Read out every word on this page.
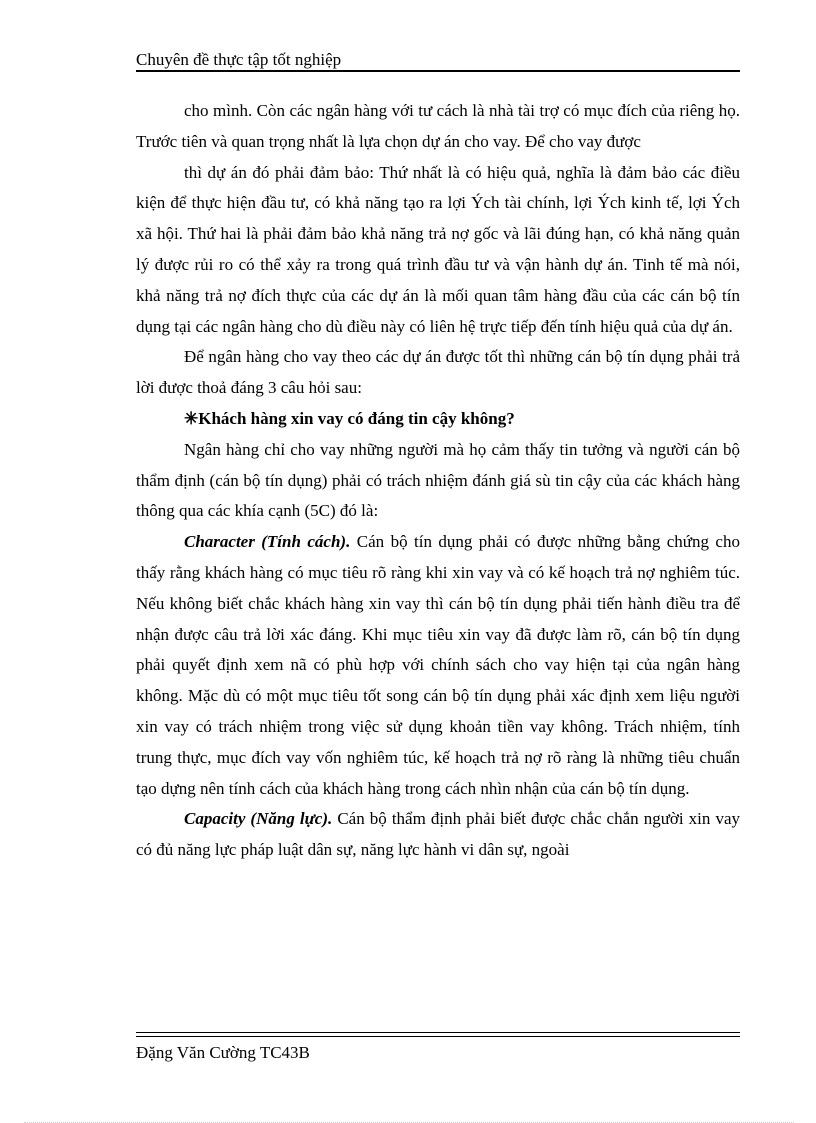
Chuyên đề thực tập tốt nghiệp

cho mình. Còn các ngân hàng với tư cách là nhà tài trợ có mục đích của riêng họ. Trước tiên và quan trọng nhất là lựa chọn dự án cho vay. Để cho vay được

thì dự án đó phải đảm bảo: Thứ nhất là có hiệu quả, nghĩa là đảm bảo các điều kiện để thực hiện đầu tư, có khả năng tạo ra lợi Ých tài chính, lợi Ých kinh tế, lợi Ých xã hội. Thứ hai là phải đảm bảo khả năng trả nợ gốc và lãi đúng hạn, có khả năng quản lý được rủi ro có thể xảy ra trong quá trình đầu tư và vận hành dự án. Tinh tế mà nói, khả năng trả nợ đích thực của các dự án là mối quan tâm hàng đầu của các cán bộ tín dụng tại các ngân hàng cho dù điều này có liên hệ trực tiếp đến tính hiệu quả của dự án.

Để ngân hàng cho vay theo các dự án được tốt thì những cán bộ tín dụng phải trả lời được thoả đáng 3 câu hỏi sau:

✳Khách hàng xin vay có đáng tin cậy không?

Ngân hàng chỉ cho vay những người mà họ cảm thấy tin tưởng và người cán bộ thẩm định (cán bộ tín dụng) phải có trách nhiệm đánh giá sù tin cậy của các khách hàng thông qua các khía cạnh (5C) đó là:

Character (Tính cách). Cán bộ tín dụng phải có được những bằng chứng cho thấy rằng khách hàng có mục tiêu rõ ràng khi xin vay và có kế hoạch trả nợ nghiêm túc. Nếu không biết chắc khách hàng xin vay thì cán bộ tín dụng phải tiến hành điều tra để nhận được câu trả lời xác đáng. Khi mục tiêu xin vay đã được làm rõ, cán bộ tín dụng phải quyết định xem nã có phù hợp với chính sách cho vay hiện tại của ngân hàng không. Mặc dù có một mục tiêu tốt song cán bộ tín dụng phải xác định xem liệu người xin vay có trách nhiệm trong việc sử dụng khoản tiền vay không. Trách nhiệm, tính trung thực, mục đích vay vốn nghiêm túc, kế hoạch trả nợ rõ ràng là những tiêu chuẩn tạo dựng nên tính cách của khách hàng trong cách nhìn nhận của cán bộ tín dụng.

Capacity (Năng lực). Cán bộ thẩm định phải biết được chắc chắn người xin vay có đủ năng lực pháp luật dân sự, năng lực hành vi dân sự, ngoài

Đặng Văn Cường TC43B
